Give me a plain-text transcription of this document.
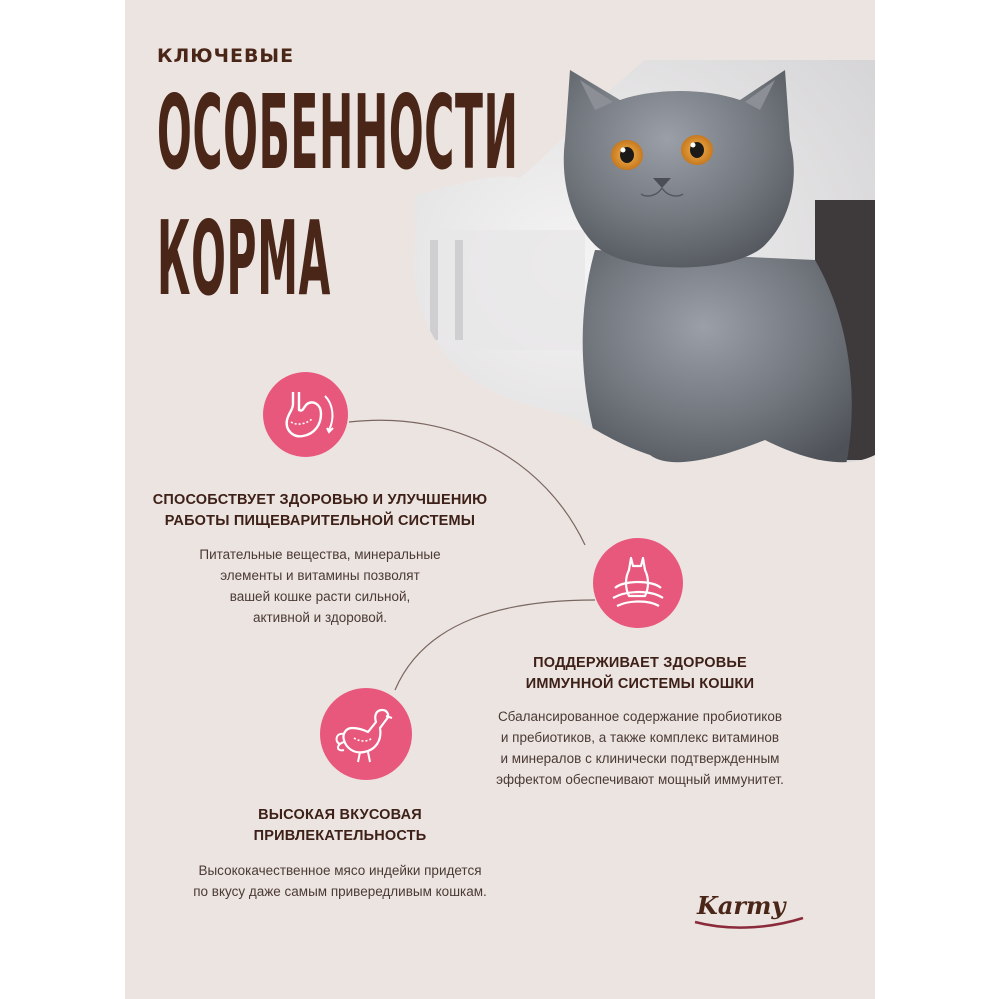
КЛЮЧЕВЫЕ
ОСОБЕННОСТИ
КОРМА
СПОСОБСТВУЕТ ЗДОРОВЬЮ И УЛУЧШЕНИЮ
РАБОТЫ ПИЩЕВАРИТЕЛЬНОЙ СИСТЕМЫ
Питательные вещества, минеральные
элементы и витамины позволят
вашей кошке расти сильной,
активной и здоровой.
ПОДДЕРЖИВАЕТ ЗДОРОВЬЕ
ИММУННОЙ СИСТЕМЫ КОШКИ
Сбалансированное содержание пробиотиков
и пребиотиков, а также комплекс витаминов
и минералов с клинически подтвержденным
эффектом обеспечивают мощный иммунитет.
ВЫСОКАЯ ВКУСОВАЯ
ПРИВЛЕКАТЕЛЬНОСТЬ
Высококачественное мясо индейки придется
по вкусу даже самым привередливым кошкам.	Karmy
